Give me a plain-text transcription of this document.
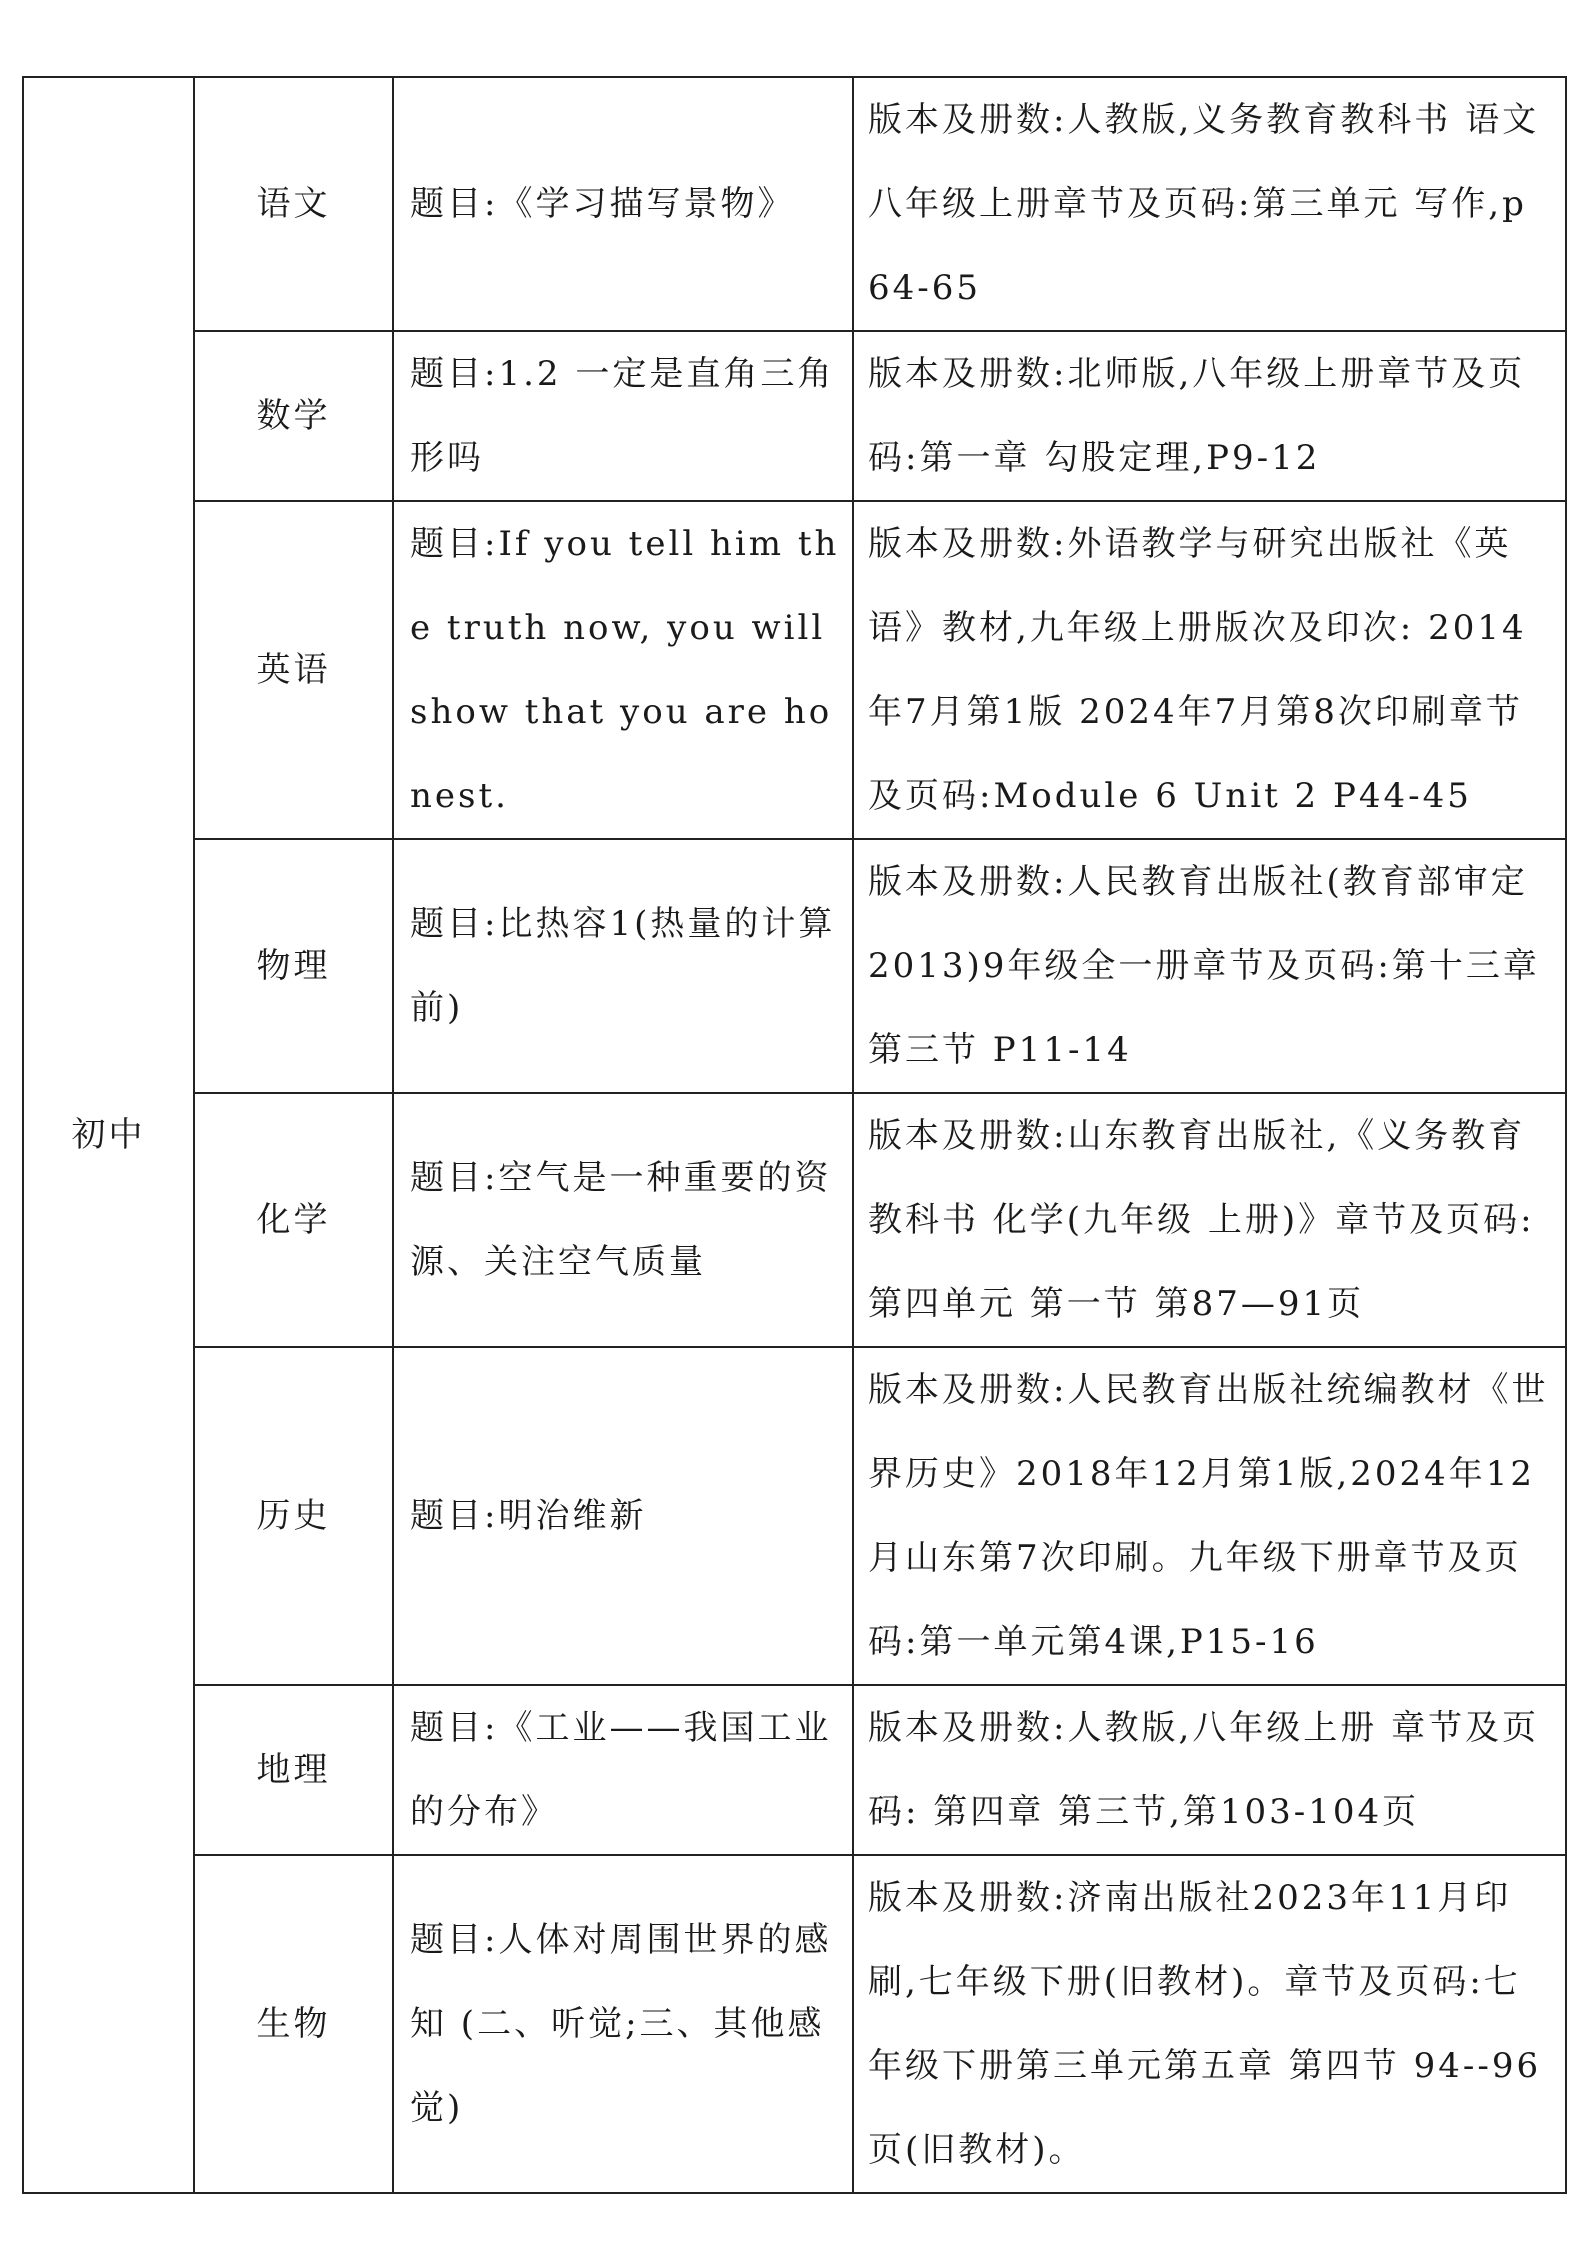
初中	语文	题目:《学习描写景物》	版本及册数:人教版,义务教育教科书 语文八年级上册章节及页码:第三单元 写作,p64-65
	数学	题目:1.2 一定是直角三角形吗	版本及册数:北师版,八年级上册章节及页码:第一章 勾股定理,P9-12
	英语	题目:If you tell him the truth now, you will show that you are honest.	版本及册数:外语教学与研究出版社《英语》教材,九年级上册版次及印次: 2014年7月第1版 2024年7月第8次印刷章节及页码:Module 6 Unit 2 P44-45
	物理	题目:比热容1(热量的计算前)	版本及册数:人民教育出版社(教育部审定2013)9年级全一册章节及页码:第十三章 第三节 P11-14
	化学	题目:空气是一种重要的资源、关注空气质量	版本及册数:山东教育出版社,《义务教育教科书 化学(九年级 上册)》章节及页码:第四单元 第一节 第87—91页
	历史	题目:明治维新	版本及册数:人民教育出版社统编教材《世界历史》2018年12月第1版,2024年12月山东第7次印刷。九年级下册章节及页码:第一单元第4课,P15-16
	地理	题目:《工业——我国工业的分布》	版本及册数:人教版,八年级上册 章节及页码: 第四章 第三节,第103-104页
	生物	题目:人体对周围世界的感知 (二、听觉;三、其他感觉)	版本及册数:济南出版社2023年11月印刷,七年级下册(旧教材)。章节及页码:七年级下册第三单元第五章 第四节 94--96页(旧教材)。
